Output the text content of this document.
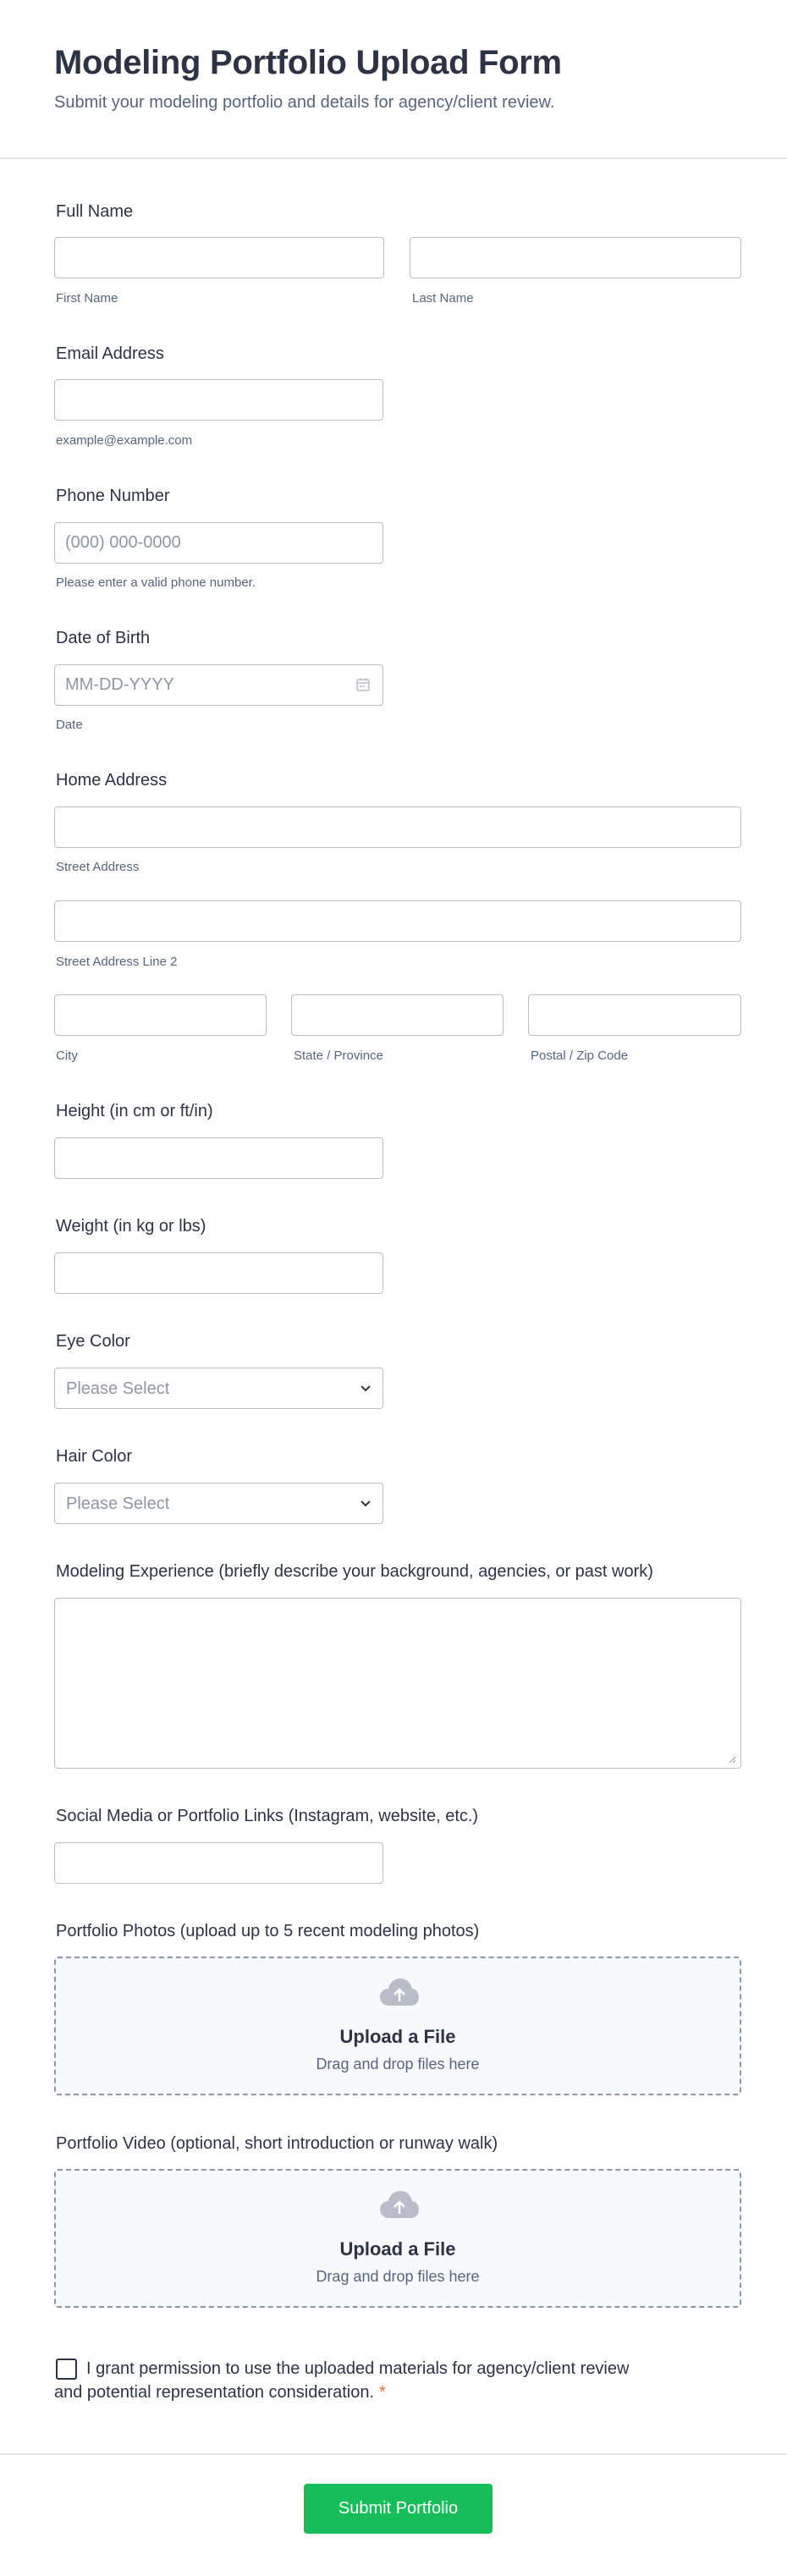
Modeling Portfolio Upload Form
Submit your modeling portfolio and details for agency/client review.
Full Name
First Name	Last Name
Email Address
example@example.com
Phone Number
(000) 000-0000
Please enter a valid phone number.
Date of Birth
MM-DD-YYYY
Date
Home Address
Street Address
Street Address Line 2
City	State / Province	Postal / Zip Code
Height (in cm or ft/in)
Weight (in kg or lbs)
Eye Color
Please Select
Hair Color
Please Select
Modeling Experience (briefly describe your background, agencies, or past work)
Social Media or Portfolio Links (Instagram, website, etc.)
Portfolio Photos (upload up to 5 recent modeling photos)
Upload a File
Drag and drop files here
Portfolio Video (optional, short introduction or runway walk)
Upload a File
Drag and drop files here
I grant permission to use the uploaded materials for agency/client review and potential representation consideration. *
Submit Portfolio
